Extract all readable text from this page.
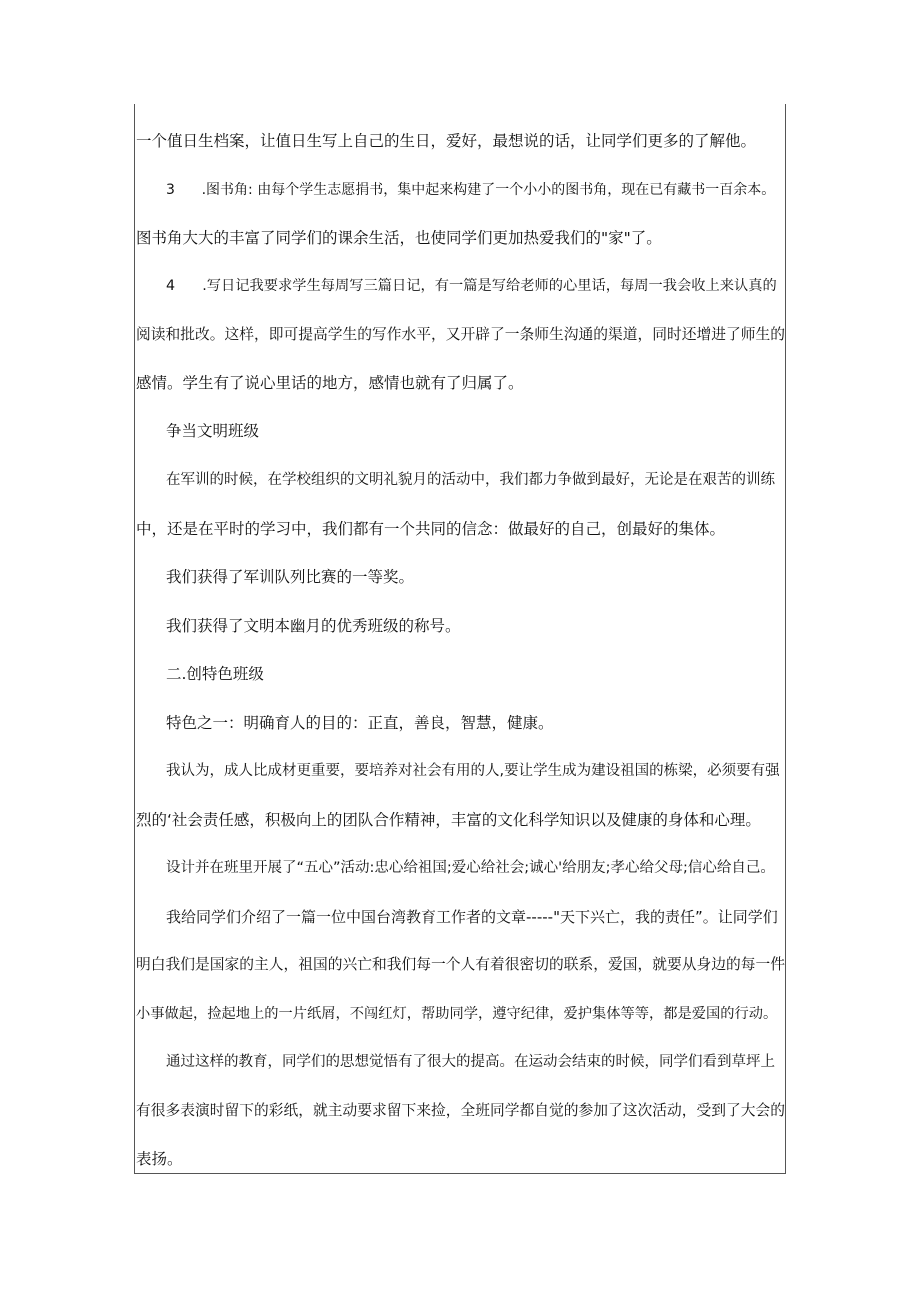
一个值日生档案，让值日生写上自己的生日，爱好，最想说的话，让同学们更多的了解他。
3	.图书角: 由每个学生志愿捐书，集中起来构建了一个小小的图书角，现在已有藏书一百余本。
图书角大大的丰富了同学们的课余生活，也使同学们更加热爱我们的"家"了。
4	.写日记我要求学生每周写三篇日记，有一篇是写给老师的心里话，每周一我会收上来认真的
阅读和批改。这样，即可提高学生的写作水平，又开辟了一条师生沟通的渠道，同时还增进了师生的
感情。学生有了说心里话的地方，感情也就有了归属了。
争当文明班级
在军训的时候，在学校组织的文明礼貌月的活动中，我们都力争做到最好，无论是在艰苦的训练
中，还是在平时的学习中，我们都有一个共同的信念：做最好的自己，创最好的集体。
我们获得了军训队列比赛的一等奖。
我们获得了文明本幽月的优秀班级的称号。
二.创特色班级
特色之一：明确育人的目的：正直，善良，智慧，健康。
我认为，成人比成材更重要，要培养对社会有用的人,要让学生成为建设祖国的栋梁，必须要有强
烈的‘社会责任感，积极向上的团队合作精神，丰富的文化科学知识以及健康的身体和心理。
设计并在班里开展了“五心”活动:忠心给祖国;爱心给社会;诚心'给朋友;孝心给父母;信心给自己。
我给同学们介绍了一篇一位中国台湾教育工作者的文章-----"天下兴亡，我的责任”。让同学们
明白我们是国家的主人，祖国的兴亡和我们每一个人有着很密切的联系，爱国，就要从身边的每一件
小事做起，捡起地上的一片纸屑，不闯红灯，帮助同学，遵守纪律，爱护集体等等，都是爱国的行动。
通过这样的教育，同学们的思想觉悟有了很大的提高。在运动会结束的时候，同学们看到草坪上
有很多表演时留下的彩纸，就主动要求留下来捡，全班同学都自觉的参加了这次活动，受到了大会的
表扬。
